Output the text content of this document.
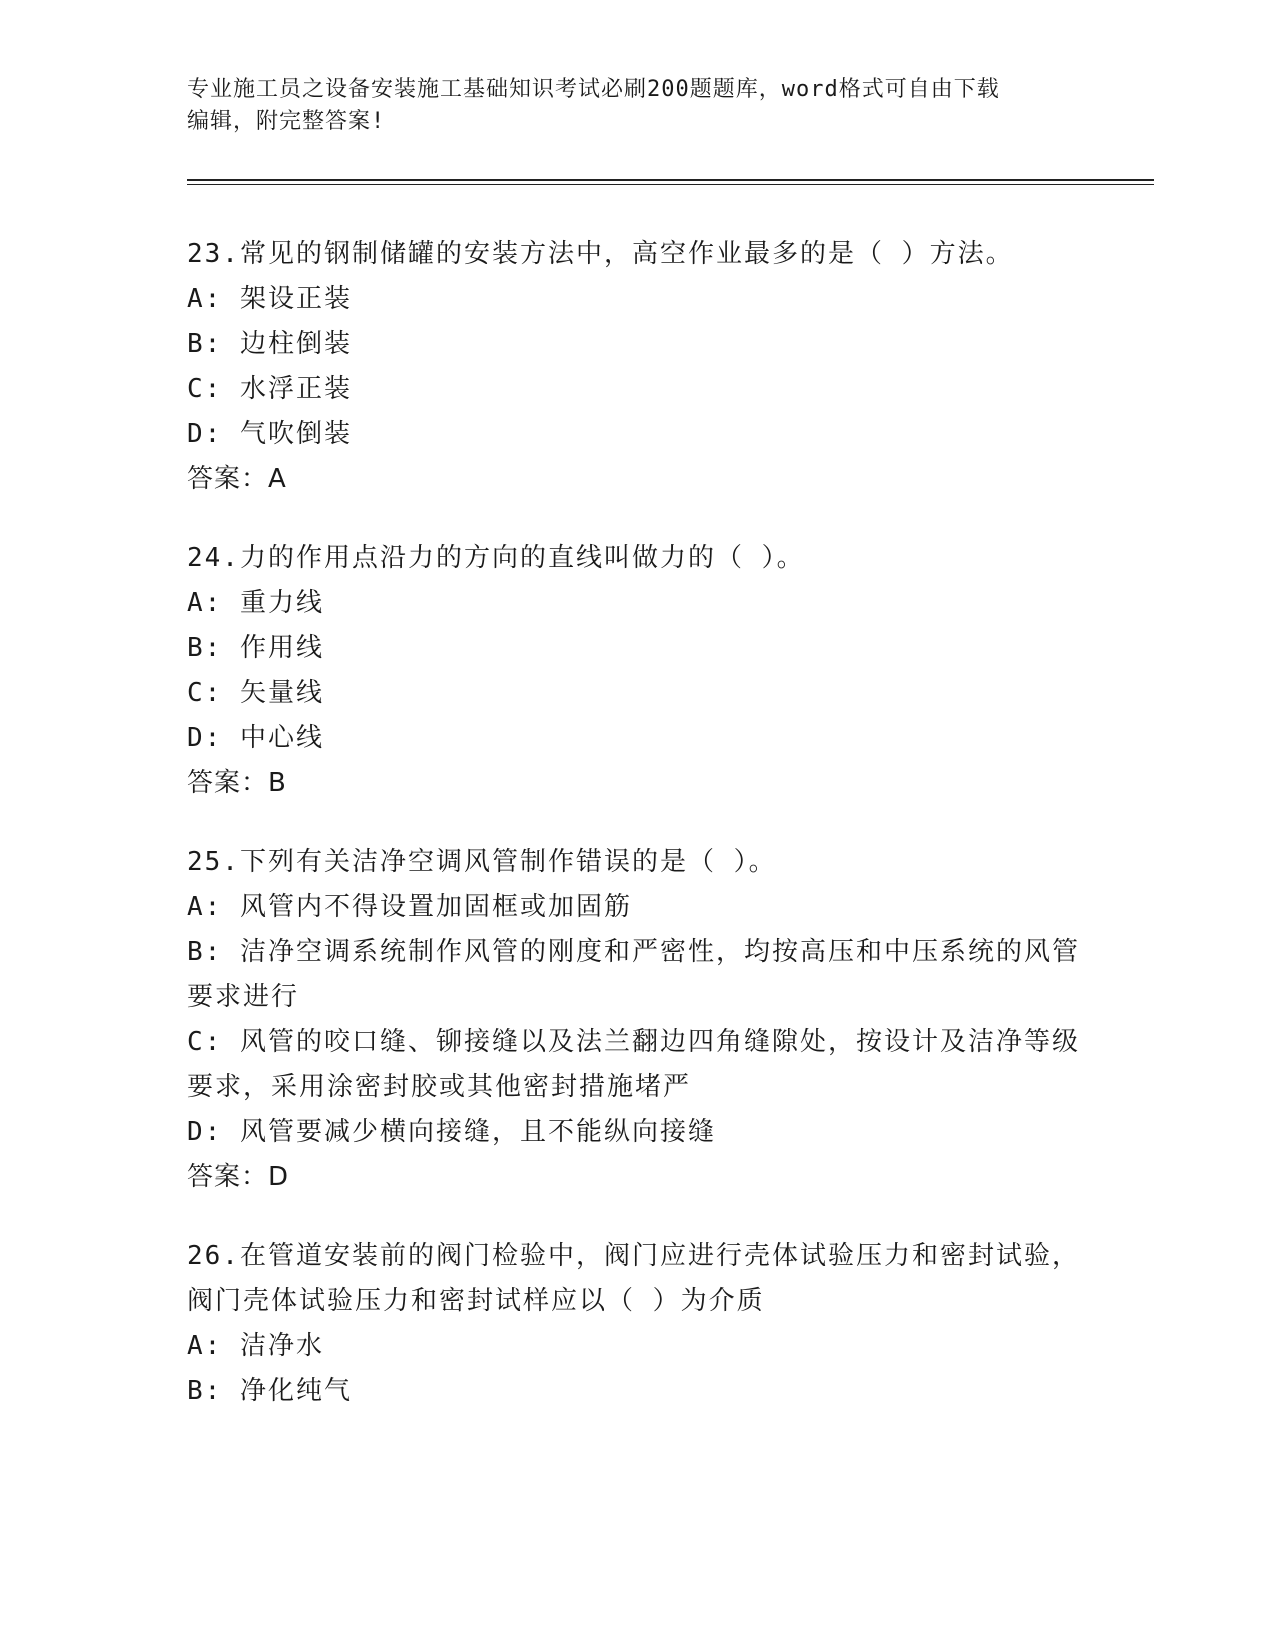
专业施工员之设备安装施工基础知识考试必刷200题题库，word格式可自由下载
编辑，附完整答案!

23.常见的钢制储罐的安装方法中，高空作业最多的是（ ）方法。

A: 架设正装

B: 边柱倒装

C: 水浮正装

D: 气吹倒装

答案：A

24.力的作用点沿力的方向的直线叫做力的（ ）。

A: 重力线

B: 作用线

C: 矢量线

D: 中心线

答案：B

25.下列有关洁净空调风管制作错误的是（ ）。

A: 风管内不得设置加固框或加固筋

B: 洁净空调系统制作风管的刚度和严密性，均按高压和中压系统的风管要求进行

C: 风管的咬口缝、铆接缝以及法兰翻边四角缝隙处，按设计及洁净等级要求，采用涂密封胶或其他密封措施堵严

D: 风管要减少横向接缝，且不能纵向接缝

答案：D

26.在管道安装前的阀门检验中，阀门应进行壳体试验压力和密封试验，阀门壳体试验压力和密封试样应以（ ）为介质

A: 洁净水

B: 净化纯气
